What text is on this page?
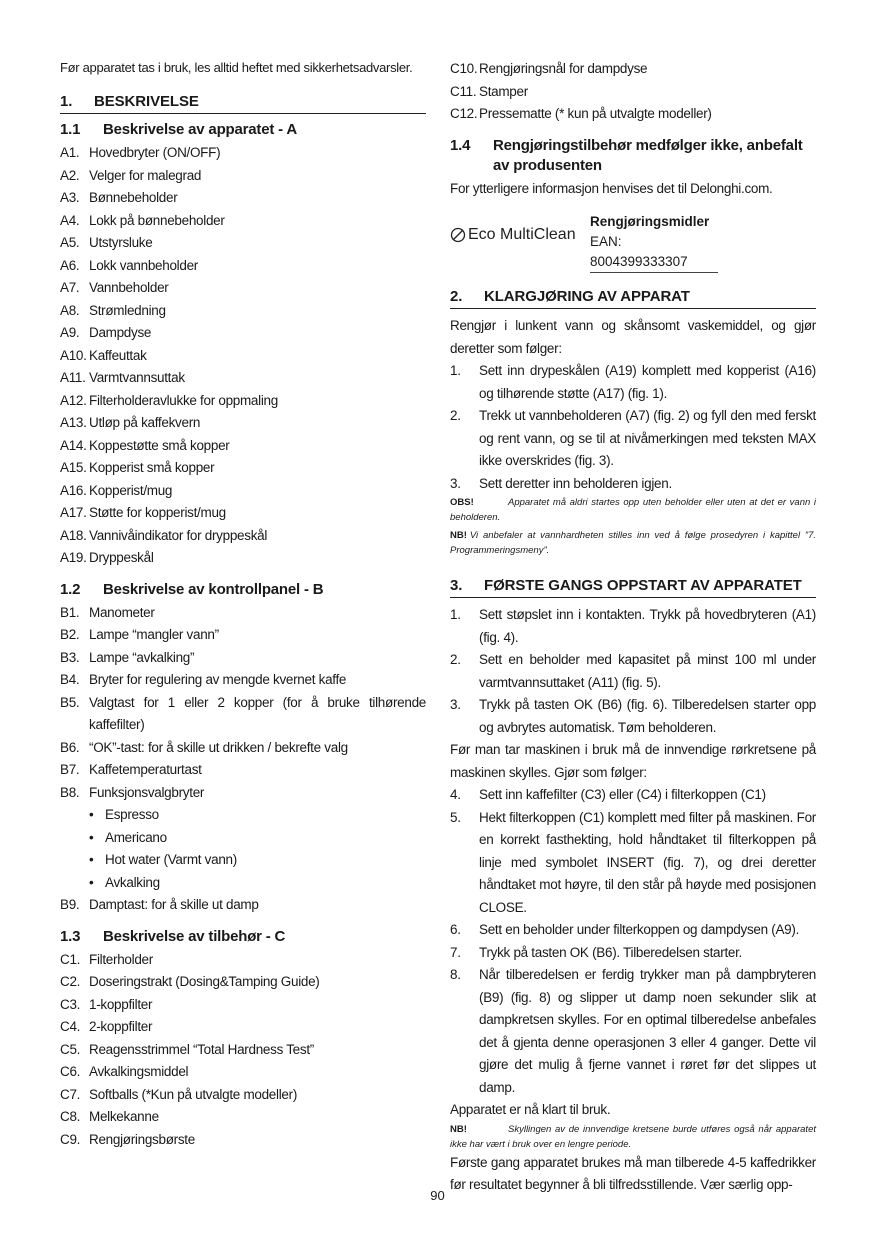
Før apparatet tas i bruk, les alltid heftet med sikkerhetsadvarsler.

1.	BESKRIVELSE
1.1	Beskrivelse av apparatet - A
A1. Hovedbryter (ON/OFF)
A2. Velger for malegrad
A3. Bønnebeholder
A4. Lokk på bønnebeholder
A5. Utstyrsluke
A6. Lokk vannbeholder
A7. Vannbeholder
A8. Strømledning
A9. Dampdyse
A10. Kaffeuttak
A11. Varmtvannsuttak
A12. Filterholderavlukke for oppmaling
A13. Utløp på kaffekvern
A14. Koppestøtte små kopper
A15. Kopperist små kopper
A16. Kopperist/mug
A17. Støtte for kopperist/mug
A18. Vannivåindikator for dryppeskål
A19. Dryppeskål
1.2	Beskrivelse av kontrollpanel - B
B1. Manometer
B2. Lampe “mangler vann”
B3. Lampe “avkalking”
B4. Bryter for regulering av mengde kvernet kaffe
B5. Valgtast for 1 eller 2 kopper (for å bruke tilhørende kaffefilter)
B6. “OK”-tast: for å skille ut drikken / bekrefte valg
B7. Kaffetemperaturtast
B8. Funksjonsvalgbryter
• Espresso
• Americano
• Hot water (Varmt vann)
• Avkalking
B9. Damptast: for å skille ut damp
1.3	Beskrivelse av tilbehør - C
C1. Filterholder
C2. Doseringstrakt (Dosing&Tamping Guide)
C3. 1-koppfilter
C4. 2-koppfilter
C5. Reagensstrimmel “Total Hardness Test”
C6. Avkalkingsmiddel
C7. Softballs (*Kun på utvalgte modeller)
C8. Melkekanne
C9. Rengjøringsbørste
C10. Rengjøringsnål for dampdyse
C11. Stamper
C12. Pressematte (* kun på utvalgte modeller)
1.4	Rengjøringstilbehør medfølger ikke, anbefalt av produsenten

For ytterligere informasjon henvises det til Delonghi.com.

Eco MultiClean
Rengjøringsmidler
EAN: 8004399333307
2.	KLARGJØRING AV APPARAT

Rengjør i lunkent vann og skånsomt vaskemiddel, og gjør deretter som følger:

1.	Sett inn drypeskålen (A19) komplett med kopperist (A16) og tilhørende støtte (A17) (fig. 1).
2.	Trekk ut vannbeholderen (A7) (fig. 2) og fyll den med ferskt og rent vann, og se til at nivåmerkingen med teksten MAX ikke overskrides (fig. 3).
3.	Sett deretter inn beholderen igjen.

OBS!	Apparatet må aldri startes opp uten beholder eller uten at det er vann i beholderen.

NB! Vi anbefaler at vannhardheten stilles inn ved å følge prosedyren i kapittel ”7. Programmeringsmeny”.

3.	FØRSTE GANGS OPPSTART AV APPARATET
1.	Sett støpslet inn i kontakten. Trykk på hovedbryteren (A1) (fig. 4).
2.	Sett en beholder med kapasitet på minst 100 ml under varmtvannsuttaket (A11) (fig. 5).
3.	Trykk på tasten OK (B6) (fig. 6). Tilberedelsen starter opp og avbrytes automatisk. Tøm beholderen.

Før man tar maskinen i bruk må de innvendige rørkretsene på maskinen skylles. Gjør som følger:

4.	Sett inn kaffefilter (C3) eller (C4) i filterkoppen (C1)
5.	Hekt filterkoppen (C1) komplett med filter på maskinen. For en korrekt fasthekting, hold håndtaket til filterkoppen på linje med symbolet INSERT (fig. 7), og drei deretter håndtaket mot høyre, til den står på høyde med posisjonen CLOSE.
6.	Sett en beholder under filterkoppen og dampdysen (A9).
7.	Trykk på tasten OK (B6). Tilberedelsen starter.
8.	Når tilberedelsen er ferdig trykker man på dampbryteren (B9) (fig. 8) og slipper ut damp noen sekunder slik at dampkretsen skylles. For en optimal tilberedelse anbefales det å gjenta denne operasjonen 3 eller 4 ganger. Dette vil gjøre det mulig å fjerne vannet i røret før det slippes ut damp.

Apparatet er nå klart til bruk.

NB!	Skyllingen av de innvendige kretsene burde utføres også når apparatet ikke har vært i bruk over en lengre periode.

Første gang apparatet brukes må man tilberede 4-5 kaffedrikker før resultatet begynner å bli tilfredsstillende. Vær særlig opp-

90
